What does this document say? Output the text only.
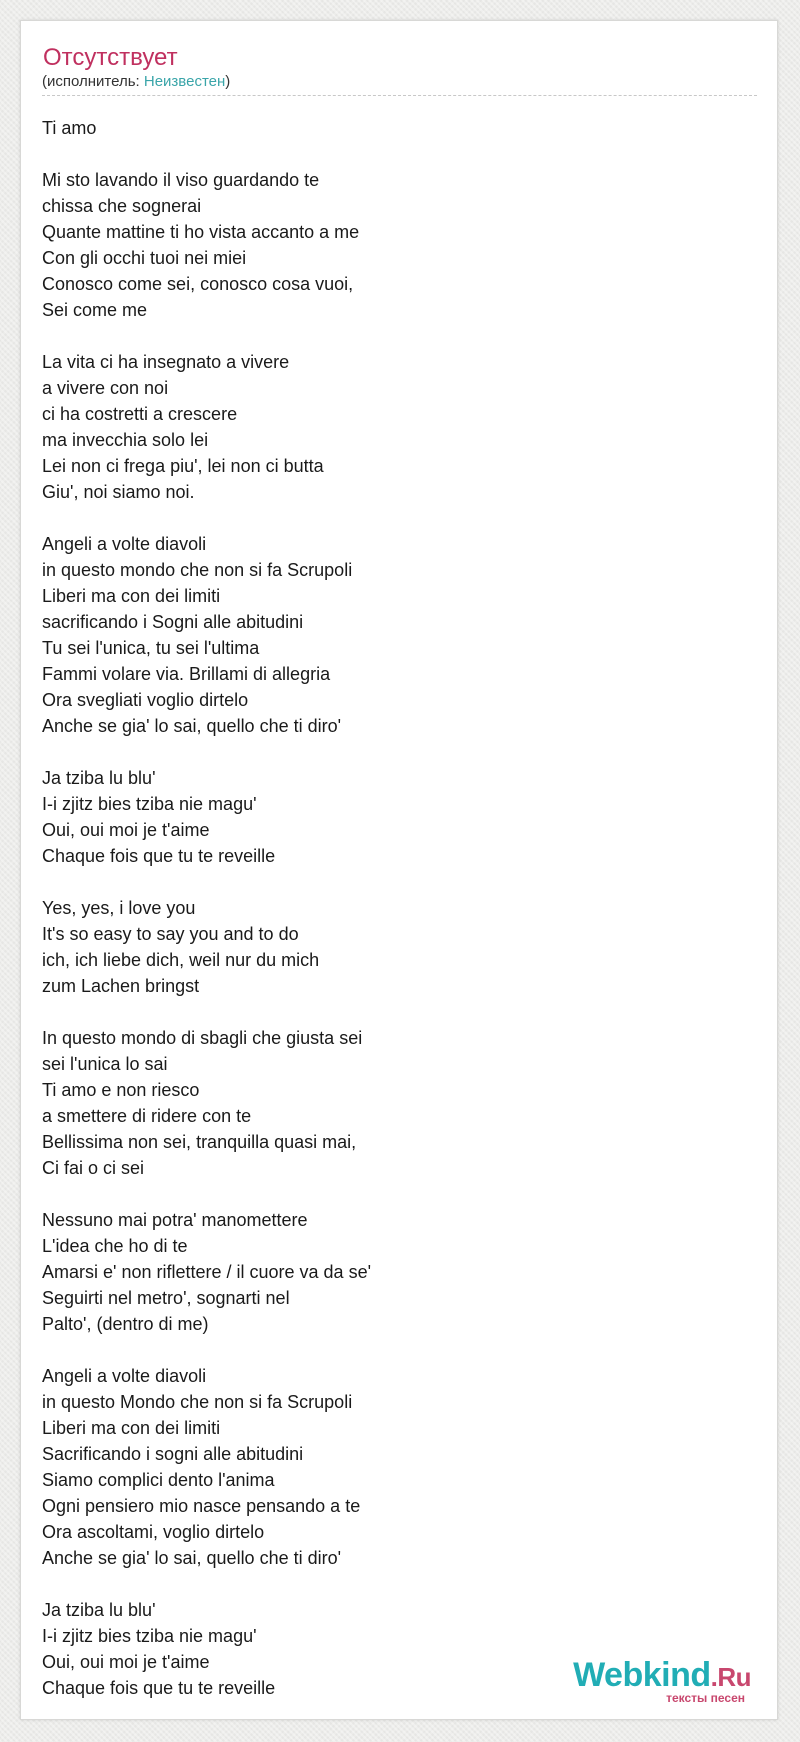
Отсутствует
(исполнитель: Неизвестен)
Ti amo
Mi sto lavando il viso guardando te
chissa che sognerai
Quante mattine ti ho vista accanto a me
Con gli occhi tuoi nei miei
Conosco come sei, conosco cosa vuoi,
Sei come me
La vita ci ha insegnato a vivere
a vivere con noi
ci ha costretti a crescere
ma invecchia solo lei
Lei non ci frega piu', lei non ci butta
Giu', noi siamo noi.
Angeli a volte diavoli
in questo mondo che non si fa Scrupoli
Liberi ma con dei limiti
sacrificando i Sogni alle abitudini
Tu sei l'unica, tu sei l'ultima
Fammi volare via. Brillami di allegria
Ora svegliati voglio dirtelo
Anche se gia' lo sai, quello che ti diro'
Ja tziba lu blu'
I-i zjitz bies tziba nie magu'
Oui, oui moi je t'aime
Chaque fois que tu te reveille
Yes, yes, i love you
It's so easy to say you and to do
ich, ich liebe dich, weil nur du mich
zum Lachen bringst
In questo mondo di sbagli che giusta sei
sei l'unica lo sai
Ti amo e non riesco
a smettere di ridere con te
Bellissima non sei, tranquilla quasi mai,
Ci fai o ci sei
Nessuno mai potra' manomettere
L'idea che ho di te
Amarsi e' non riflettere / il cuore va da se'
Seguirti nel metro', sognarti nel
Palto', (dentro di me)
Angeli a volte diavoli
in questo Mondo che non si fa Scrupoli
Liberi ma con dei limiti
Sacrificando i sogni alle abitudini
Siamo complici dento l'anima
Ogni pensiero mio nasce pensando a te
Ora ascoltami, voglio dirtelo
Anche se gia' lo sai, quello che ti diro'
Ja tziba lu blu'
I-i zjitz bies tziba nie magu'
Oui, oui moi je t'aime
Chaque fois que tu te reveille	Webkind.Ru
тексты песен
